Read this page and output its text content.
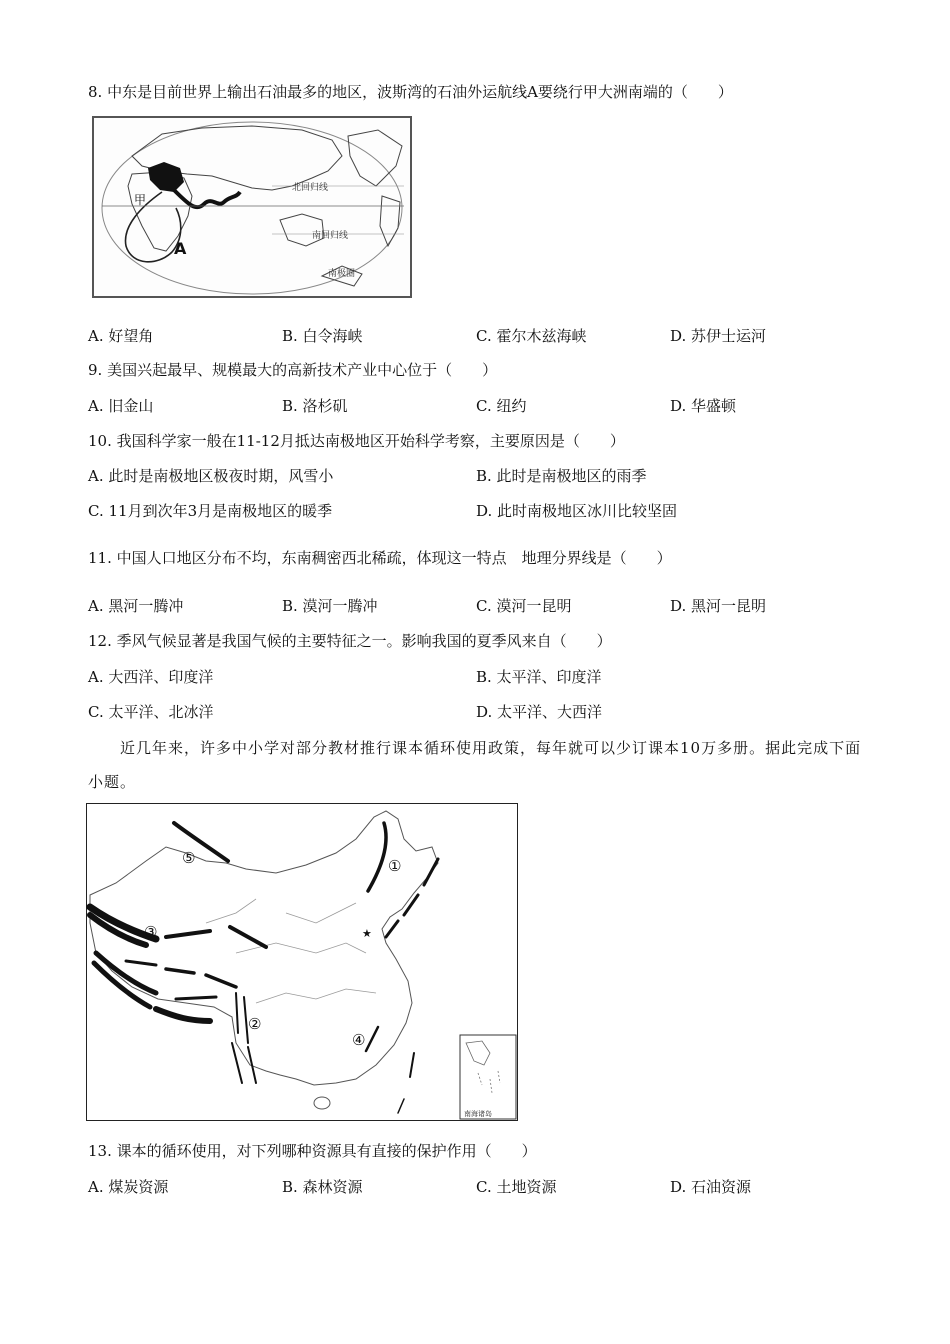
8. 中东是目前世界上输出石油最多的地区，波斯湾的石油外运航线A要绕行甲大洲南端的（　　）
甲
A
北回归线
南回归线
南极圈
A. 好望角	B. 白令海峡	C. 霍尔木兹海峡	D. 苏伊士运河
9. 美国兴起最早、规模最大的高新技术产业中心位于（　　）
A. 旧金山	B. 洛杉矶	C. 纽约	D. 华盛顿
10. 我国科学家一般在11-12月抵达南极地区开始科学考察，主要原因是（　　）
A. 此时是南极地区极夜时期，风雪小	B. 此时是南极地区的雨季
C. 11月到次年3月是南极地区的暖季	D. 此时南极地区冰川比较坚固
11. 中国人口地区分布不均，东南稠密西北稀疏，体现这一特点　地理分界线是（　　）
A. 黑河一腾冲	B. 漠河一腾冲	C. 漠河一昆明	D. 黑河一昆明
12. 季风气候显著是我国气候的主要特征之一。影响我国的夏季风来自（　　）
A. 大西洋、印度洋	B. 太平洋、印度洋
C. 太平洋、北冰洋	D. 太平洋、大西洋
近几年来，许多中小学对部分教材推行课本循环使用政策，每年就可以少订课本10万多册。据此完成下面小题。
★
①
②
③
④
⑤
南海诸岛
13. 课本的循环使用，对下列哪种资源具有直接的保护作用（　　）
A. 煤炭资源	B. 森林资源	C. 土地资源	D. 石油资源
